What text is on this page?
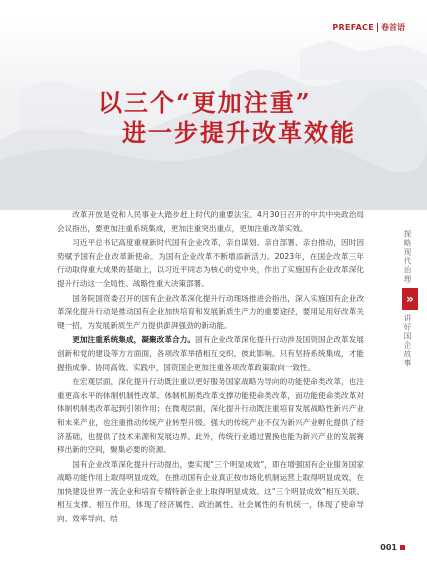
PREFACE 卷首语
以三个“更加注重”
进一步提升改革效能

改革开放是党和人民事业大踏步赶上时代的重要法宝。4月30日召开的中共中央政治局会议指出，要更加注重系统集成，更加注重突出重点，更加注重改革实效。

习近平总书记高度重视新时代国有企业改革，亲自谋划、亲自部署、亲自推动，因时因势赋予国有企业改革新使命。为国有企业改革不断增添新活力。2023年，在国企改革三年行动取得重大成果的基础上，以习近平同志为核心的党中央，作出了实施国有企业改革深化提升行动这一全局性、战略性重大决策部署。

国务院国资委召开的国有企业改革深化提升行动现场推进会指出，深入实施国有企业改革深化提升行动是推动国有企业加快培育和发展新质生产力的重要途径，要用足用好改革关键一招，为发展新质生产力提供澎湃强劲的新动能。

更加注重系统集成，凝聚改革合力。国有企业改革深化提升行动涉及国资国企改革发展创新和党的建设等方方面面，各项改革举措相互交织、彼此影响。只有坚持系统集成，才能握指成拳、协同高效。实践中，国资国企更加注重各项改革政策取向一致性。

在宏观层面，深化提升行动既注重以更好服务国家战略为导向的功能使命类改革，也注重更高水平的体制机制性改革。体制机制类改革支撑功能使命类改革，而功能使命类改革对体制机制类改革起到引领作用；在微观层面，深化提升行动既注重培育发展战略性新兴产业和未来产业，也注重推动传统产业转型升级。强大的传统产业不仅为新兴产业孵化提供了经济基础，也提供了技术来源和发展边界。此外，传统行业通过置换也能为新兴产业的发展赛移出新的空间，聚集必要的资源。

国有企业改革深化提升行动提出，要实现“三个明显成效”，即在增强国有企业服务国家战略功能作用上取得明显成效，在推动国有企业真正按市场化机制运营上取得明显成效，在加快建设世界一流企业和培育专精特新企业上取得明显成效。这“三个明显成效”相互关联、相互支撑、相互作用，体现了经济属性、政治属性、社会属性的有机统一，体现了使命导向、效率导向、结

探略现代治理
»
讲好国企故事
001
